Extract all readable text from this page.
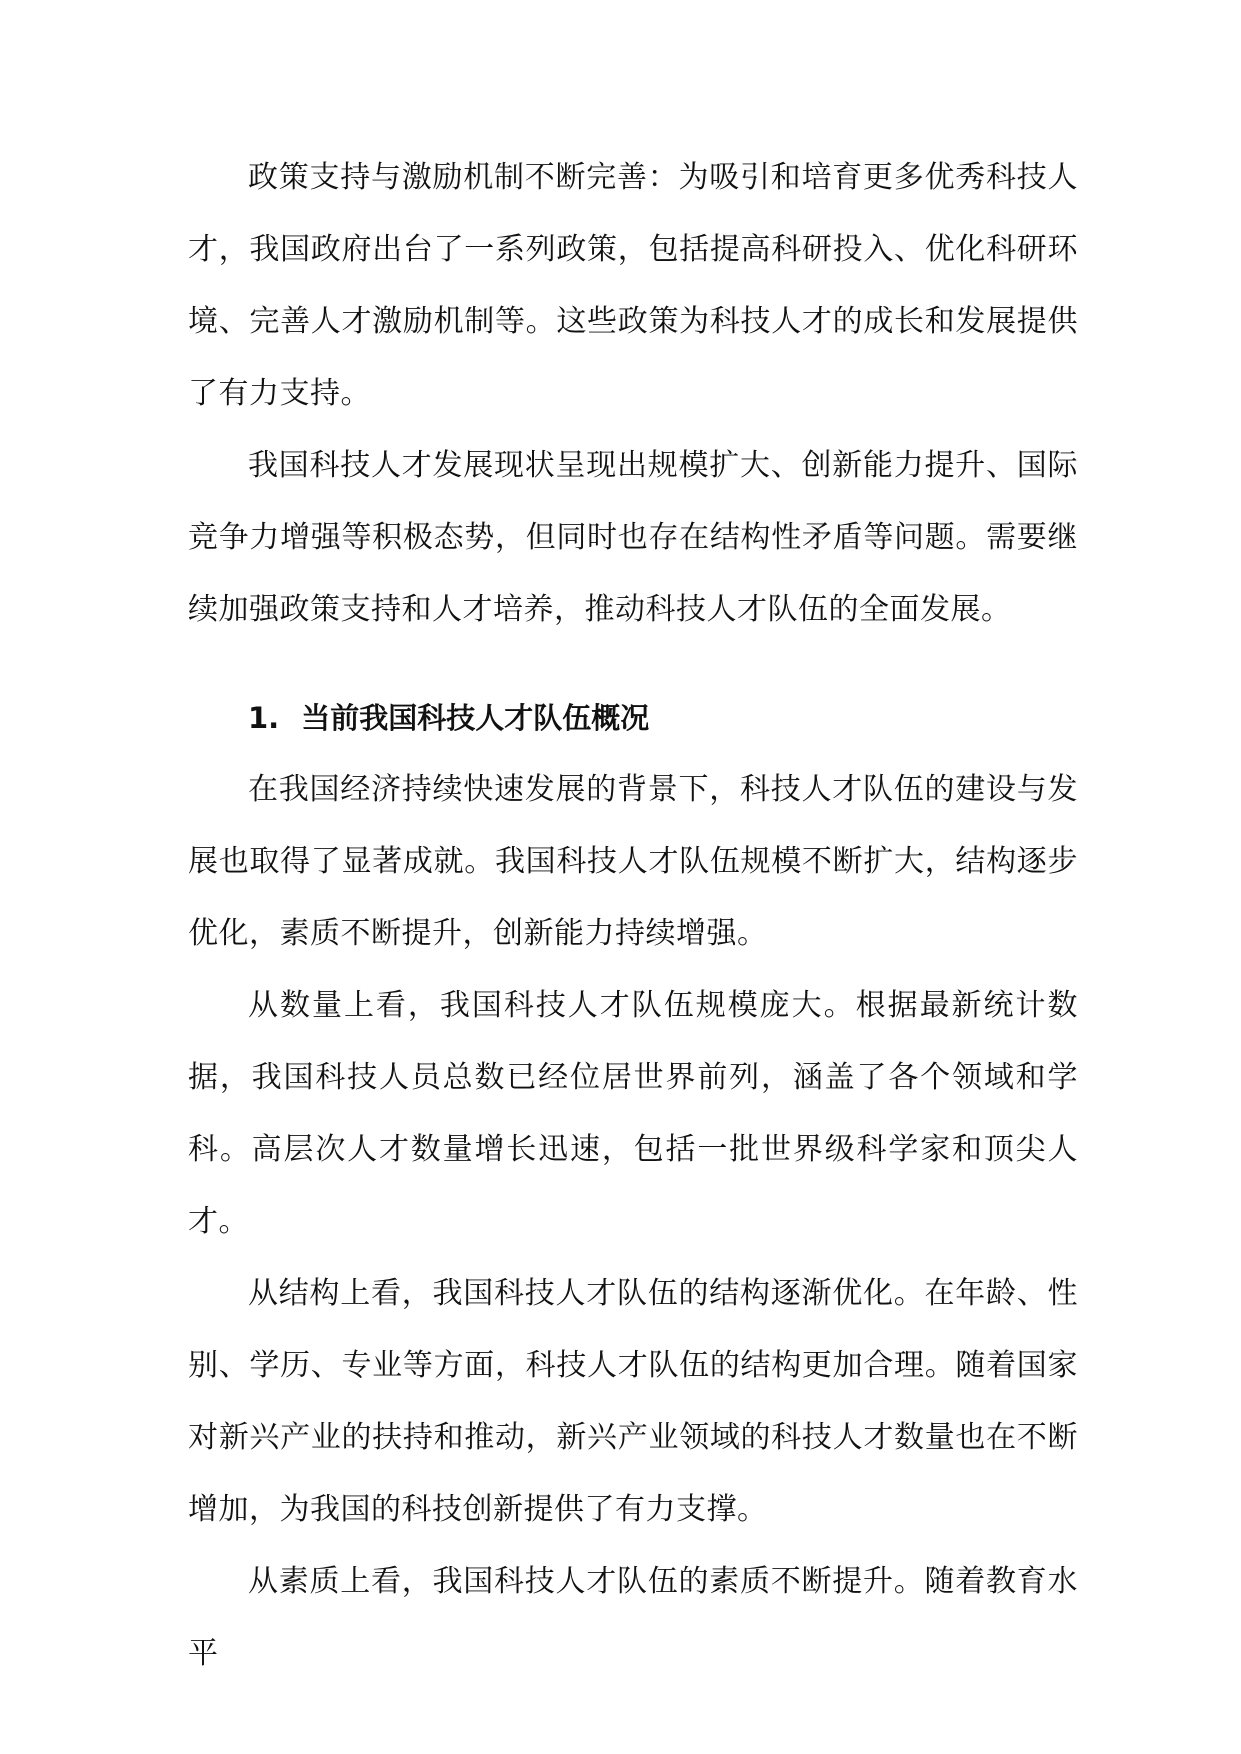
政策支持与激励机制不断完善：为吸引和培育更多优秀科技人才，我国政府出台了一系列政策，包括提高科研投入、优化科研环境、完善人才激励机制等。这些政策为科技人才的成长和发展提供了有力支持。

我国科技人才发展现状呈现出规模扩大、创新能力提升、国际竞争力增强等积极态势，但同时也存在结构性矛盾等问题。需要继续加强政策支持和人才培养，推动科技人才队伍的全面发展。

1. 当前我国科技人才队伍概况

在我国经济持续快速发展的背景下，科技人才队伍的建设与发展也取得了显著成就。我国科技人才队伍规模不断扩大，结构逐步优化，素质不断提升，创新能力持续增强。

从数量上看，我国科技人才队伍规模庞大。根据最新统计数据，我国科技人员总数已经位居世界前列，涵盖了各个领域和学科。高层次人才数量增长迅速，包括一批世界级科学家和顶尖人才。

从结构上看，我国科技人才队伍的结构逐渐优化。在年龄、性别、学历、专业等方面，科技人才队伍的结构更加合理。随着国家对新兴产业的扶持和推动，新兴产业领域的科技人才数量也在不断增加，为我国的科技创新提供了有力支撑。

从素质上看，我国科技人才队伍的素质不断提升。随着教育水平
